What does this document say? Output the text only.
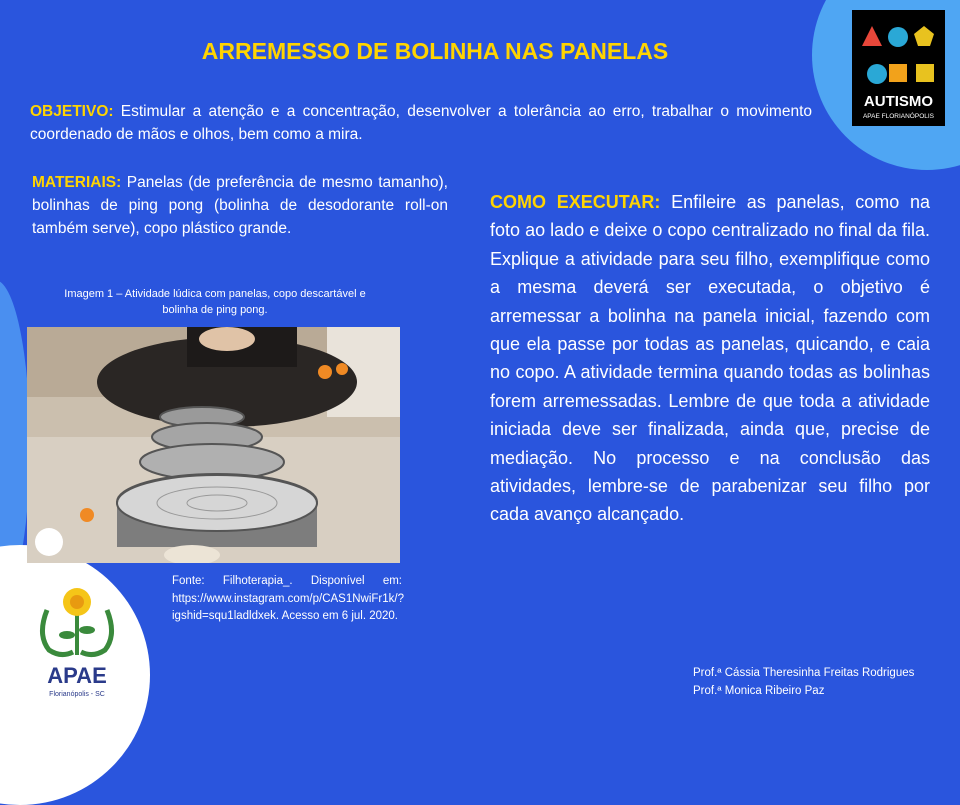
ARREMESSO DE BOLINHA NAS PANELAS
OBJETIVO: Estimular a atenção e a concentração, desenvolver a tolerância ao erro, trabalhar o movimento coordenado de mãos e olhos, bem como a mira.
MATERIAIS: Panelas (de preferência de mesmo tamanho), bolinhas de ping pong (bolinha de desodorante roll-on também serve), copo plástico grande.
Imagem 1 – Atividade lúdica com panelas, copo descartável e bolinha de ping pong.
Fonte: Filhoterapia_. Disponível em: https://www.instagram.com/p/CAS1NwiFr1k/?igshid=squ1ladldxek. Acesso em 6 jul. 2020.
COMO EXECUTAR: Enfileire as panelas, como na foto ao lado e deixe o copo centralizado no final da fila. Explique a atividade para seu filho, exemplifique como a mesma deverá ser executada, o objetivo é arremessar a bolinha na panela inicial, fazendo com que ela passe por todas as panelas, quicando, e caia no copo. A atividade termina quando todas as bolinhas forem arremessadas. Lembre de que toda a atividade iniciada deve ser finalizada, ainda que, precise de mediação. No processo e na conclusão das atividades, lembre-se de parabenizar seu filho por cada avanço alcançado.
Prof.ª Cássia Theresinha Freitas Rodrigues
Prof.ª Monica Ribeiro Paz
AUTISMO
APAE FLORIANÓPOLIS
APAE
Florianópolis - SC
